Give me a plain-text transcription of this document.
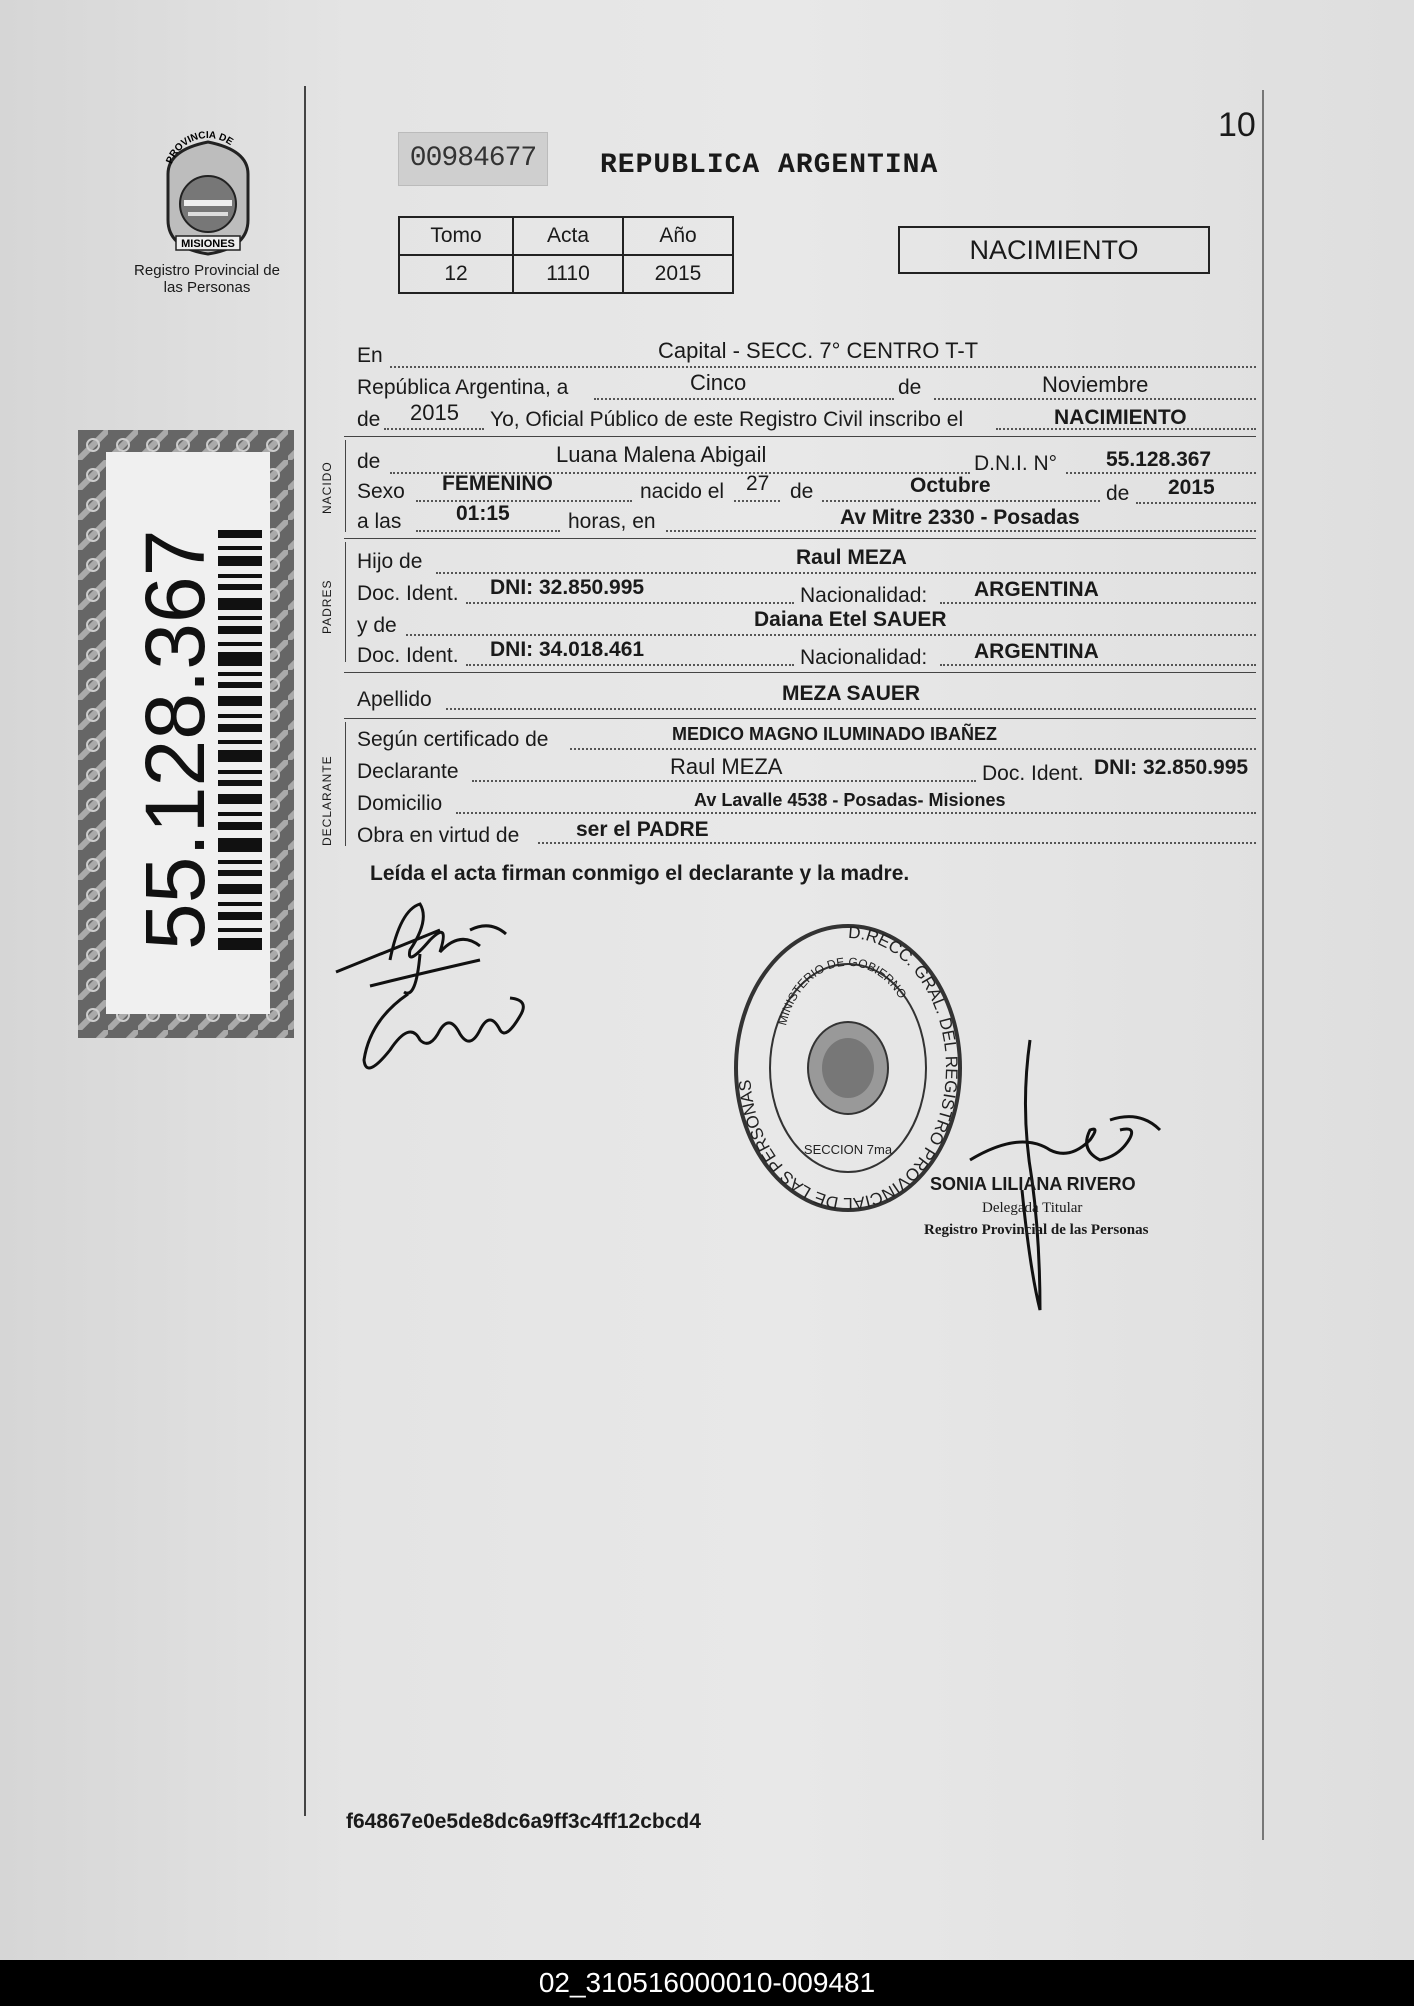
PROVINCIA DE
MISIONES
Registro Provincial de las Personas
55.128.367
00984677	REPUBLICA ARGENTINA
10
Tomo	Acta	Año
12	1110	2015
NACIMIENTO
En	Capital - SECC. 7° CENTRO T-T
República Argentina, a	Cinco	de	Noviembre
de 2015 Yo, Oficial Público de este Registro Civil inscribo el	NACIMIENTO
NACIDO de	Luana Malena Abigail	D.N.I. N° 55.128.367
Sexo FEMENINO	nacido el 27 de	Octubre	de 2015
a las	01:15	horas, en	Av Mitre 2330 - Posadas
PADRES
Hijo de	Raul MEZA
Doc. Ident. DNI: 32.850.995	Nacionalidad: ARGENTINA
y de	Daiana Etel SAUER
Doc. Ident. DNI: 34.018.461	Nacionalidad: ARGENTINA
Apellido	MEZA SAUER
DECLARANTE
Según certificado de	MEDICO MAGNO ILUMINADO IBAÑEZ
Declarante	Raul MEZA	Doc. Ident. DNI: 32.850.995
Domicilio	Av Lavalle 4538 - Posadas- Misiones
Obra en virtud de	ser el PADRE
Leída el acta firman conmigo el declarante y la madre.
D.RECC. GRAL. DEL REGISTRO PROVINCIAL DE LAS PERSONAS
MINISTERIO DE GOBIERNO
SECCION 7ma
SONIA LILIANA RIVERO
Delegada Titular
Registro Provincial de las Personas
f64867e0e5de8dc6a9ff3c4ff12cbcd4
02_310516000010-009481
